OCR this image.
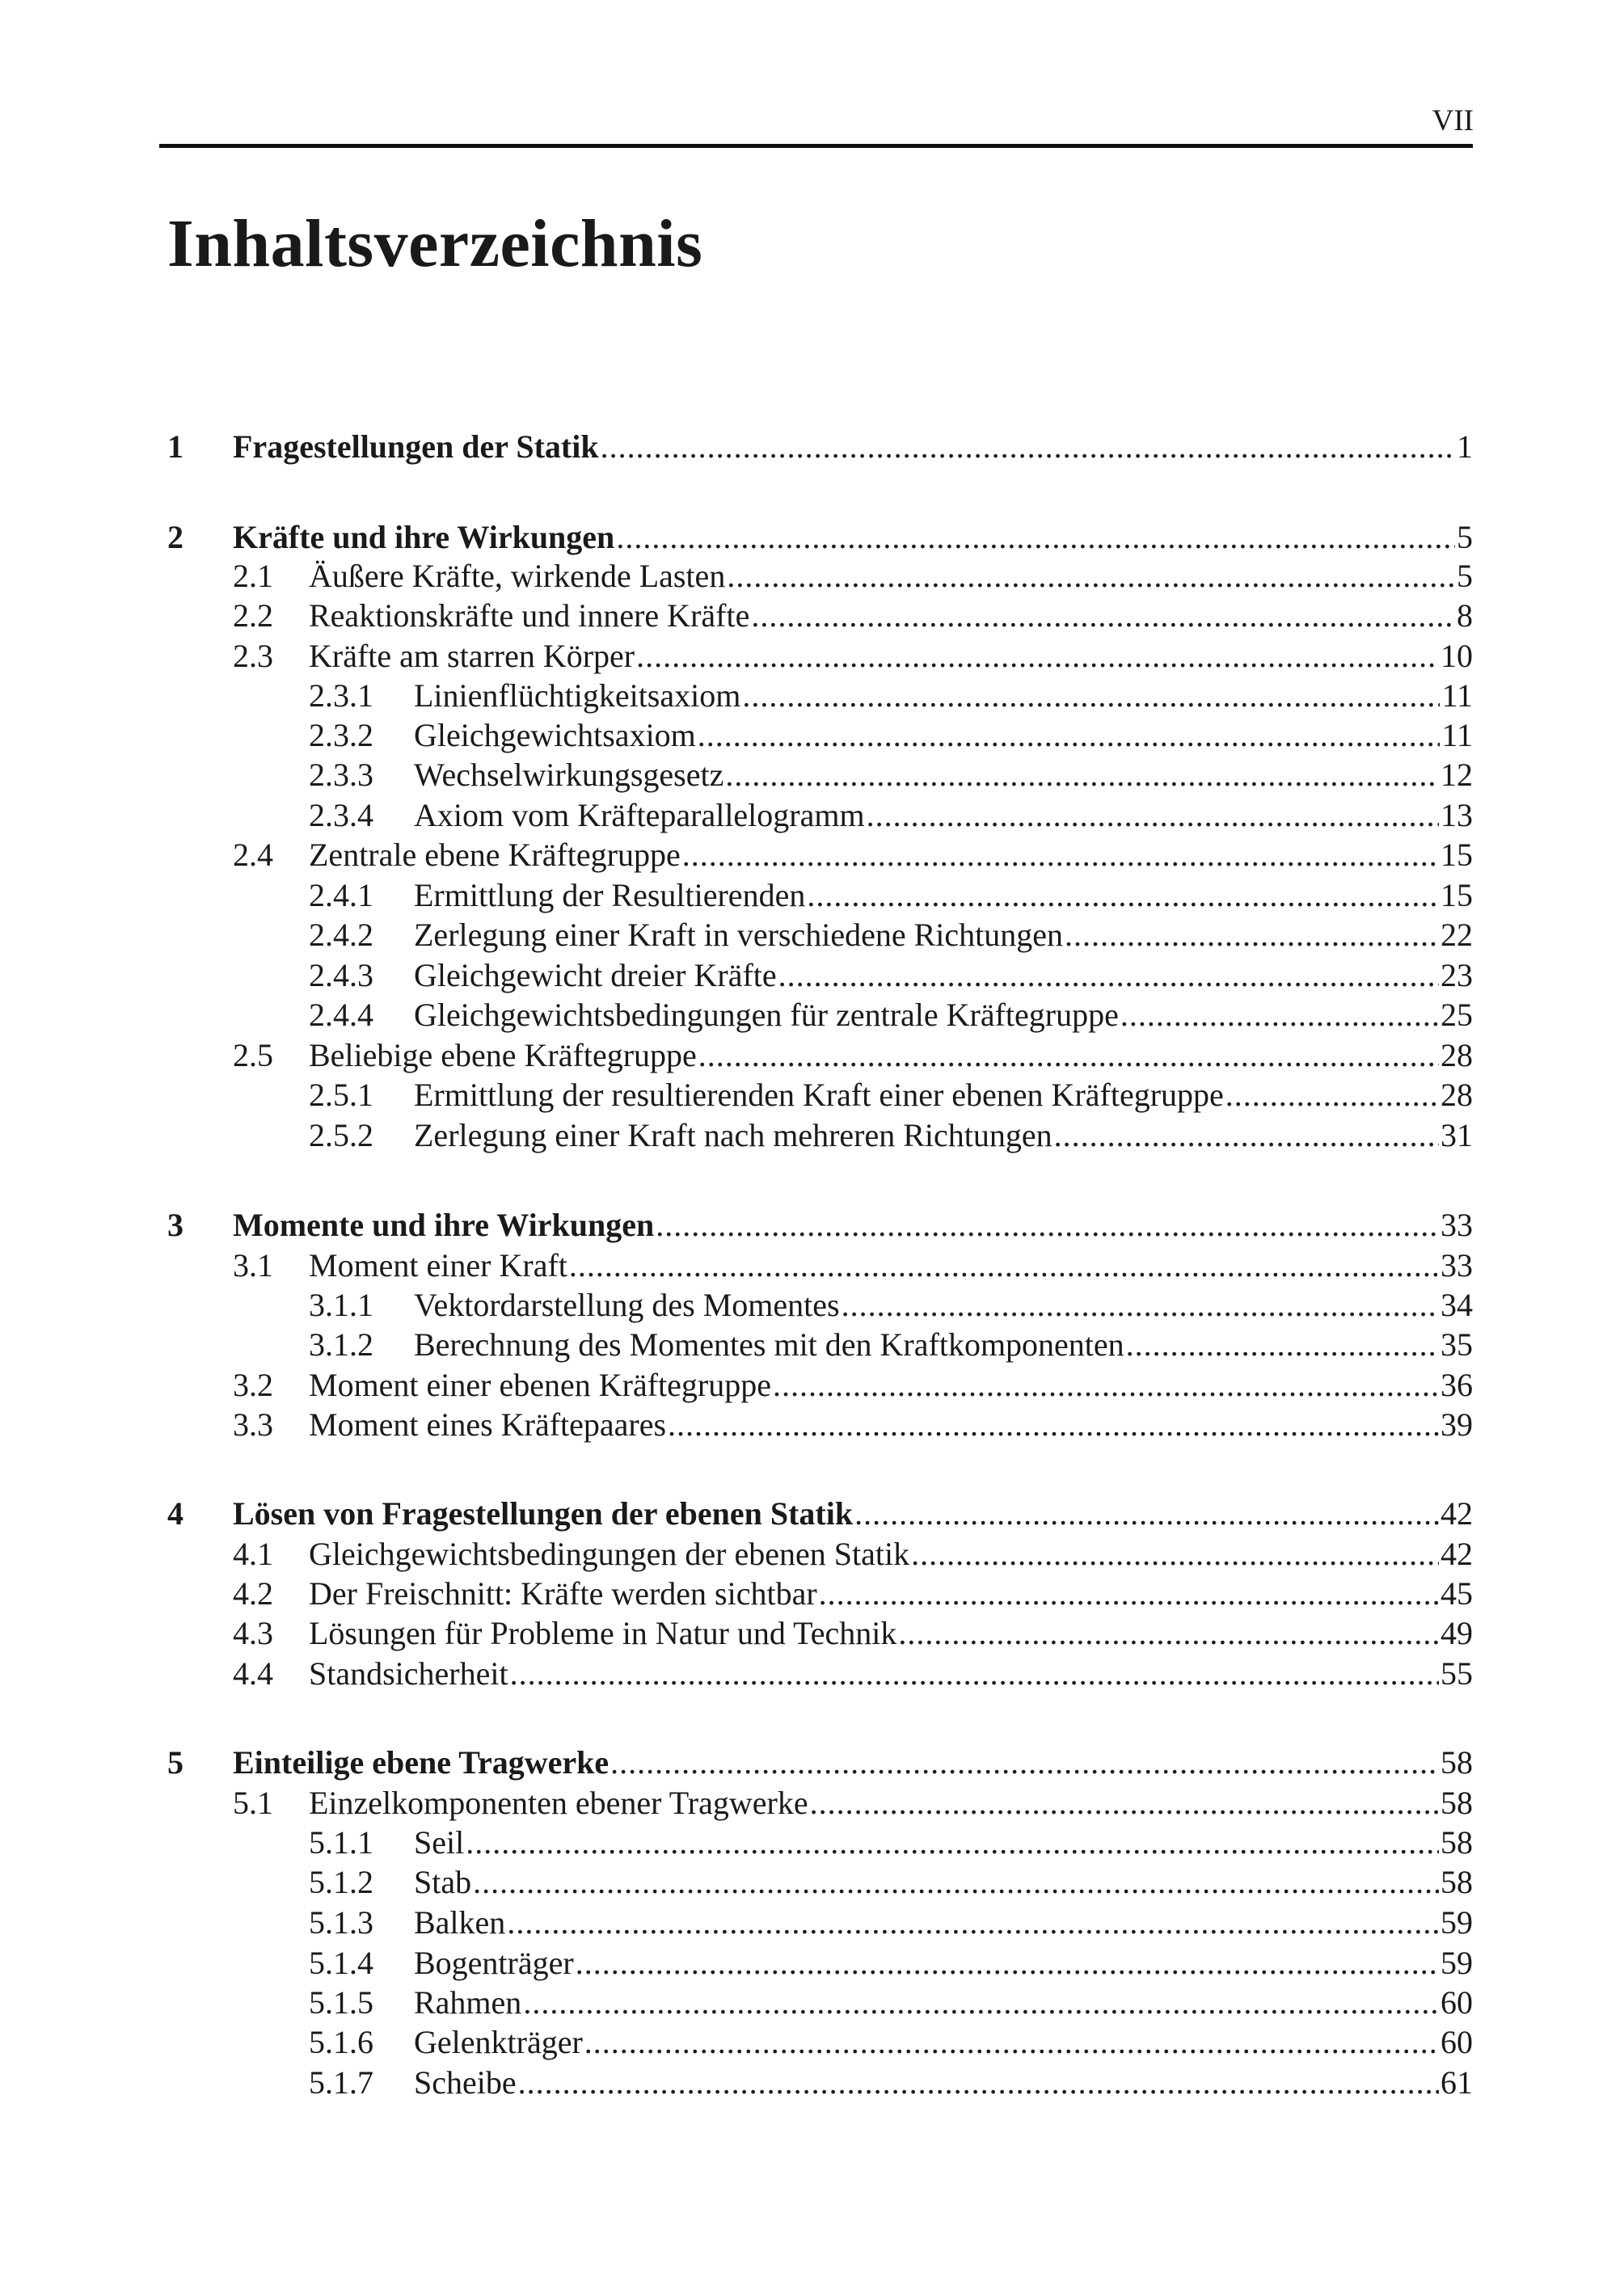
VII
Inhaltsverzeichnis
1 Fragestellungen der Statik .....	1
2 Kräfte und ihre Wirkungen .....	5
2.1 Äußere Kräfte, wirkende Lasten .....	5
2.2 Reaktionskräfte und innere Kräfte .....	8
2.3 Kräfte am starren Körper .....	10
2.3.1 Linienflüchtigkeitsaxiom .....	11
2.3.2 Gleichgewichtsaxiom .....	11
2.3.3 Wechselwirkungsgesetz .....	12
2.3.4 Axiom vom Kräfteparallelogramm .....	13
2.4 Zentrale ebene Kräftegruppe .....	15
2.4.1 Ermittlung der Resultierenden .....	15
2.4.2 Zerlegung einer Kraft in verschiedene Richtungen .....	22
2.4.3 Gleichgewicht dreier Kräfte .....	23
2.4.4 Gleichgewichtsbedingungen für zentrale Kräftegruppe .....	25
2.5 Beliebige ebene Kräftegruppe .....	28
2.5.1 Ermittlung der resultierenden Kraft einer ebenen Kräftegruppe .....	28
2.5.2 Zerlegung einer Kraft nach mehreren Richtungen .....	31
3 Momente und ihre Wirkungen .....	33
3.1 Moment einer Kraft .....	33
3.1.1 Vektordarstellung des Momentes .....	34
3.1.2 Berechnung des Momentes mit den Kraftkomponenten .....	35
3.2 Moment einer ebenen Kräftegruppe .....	36
3.3 Moment eines Kräftepaares .....	39
4 Lösen von Fragestellungen der ebenen Statik .....	42
4.1 Gleichgewichtsbedingungen der ebenen Statik .....	42
4.2 Der Freischnitt: Kräfte werden sichtbar .....	45
4.3 Lösungen für Probleme in Natur und Technik .....	49
4.4 Standsicherheit .....	55
5 Einteilige ebene Tragwerke .....	58
5.1 Einzelkomponenten ebener Tragwerke .....	58
5.1.1 Seil .....	58
5.1.2 Stab .....	58
5.1.3 Balken .....	59
5.1.4 Bogenträger .....	59
5.1.5 Rahmen .....	60
5.1.6 Gelenkträger .....	60
5.1.7 Scheibe .....	61
